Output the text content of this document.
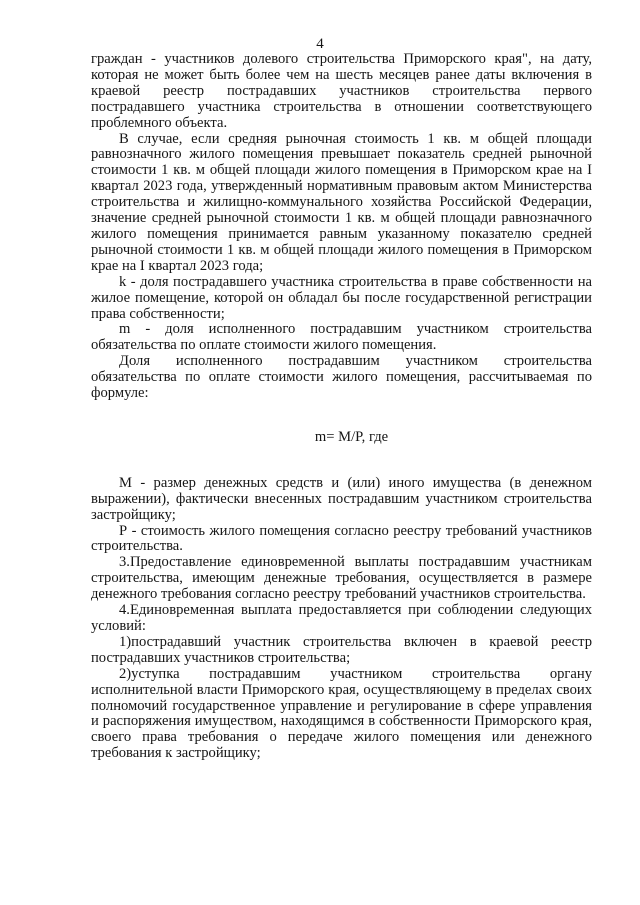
4

граждан - участников долевого строительства Приморского края", на дату, которая не может быть более чем на шесть месяцев ранее даты включения в краевой реестр пострадавших участников строительства первого пострадавшего участника строительства в отношении соответствующего проблемного объекта.

В случае, если средняя рыночная стоимость 1 кв. м общей площади равнозначного жилого помещения превышает показатель средней рыночной стоимости 1 кв. м общей площади жилого помещения в Приморском крае на I квартал 2023 года, утвержденный нормативным правовым актом Министерства строительства и жилищно-коммунального хозяйства Российской Федерации, значение средней рыночной стоимости 1 кв. м общей площади равнозначного жилого помещения принимается равным указанному показателю средней рыночной стоимости 1 кв. м общей площади жилого помещения в Приморском крае на I квартал 2023 года;

k - доля пострадавшего участника строительства в праве собственности на жилое помещение, которой он обладал бы после государственной регистрации права собственности;

m - доля исполненного пострадавшим участником строительства обязательства по оплате стоимости жилого помещения.

Доля исполненного пострадавшим участником строительства обязательства по оплате стоимости жилого помещения, рассчитываемая по формуле:

m= M/P, где

М - размер денежных средств и (или) иного имущества (в денежном выражении), фактически внесенных пострадавшим участником строительства застройщику;

Р - стоимость жилого помещения согласно реестру требований участников строительства.

3.Предоставление единовременной выплаты пострадавшим участникам строительства, имеющим денежные требования, осуществляется в размере денежного требования согласно реестру требований участников строительства.

4.Единовременная выплата предоставляется при соблюдении следующих условий:

1)пострадавший участник строительства включен в краевой реестр пострадавших участников строительства;

2)уступка пострадавшим участником строительства органу исполнительной власти Приморского края, осуществляющему в пределах своих полномочий государственное управление и регулирование в сфере управления и распоряжения имуществом, находящимся в собственности Приморского края, своего права требования о передаче жилого помещения или денежного требования к застройщику;
